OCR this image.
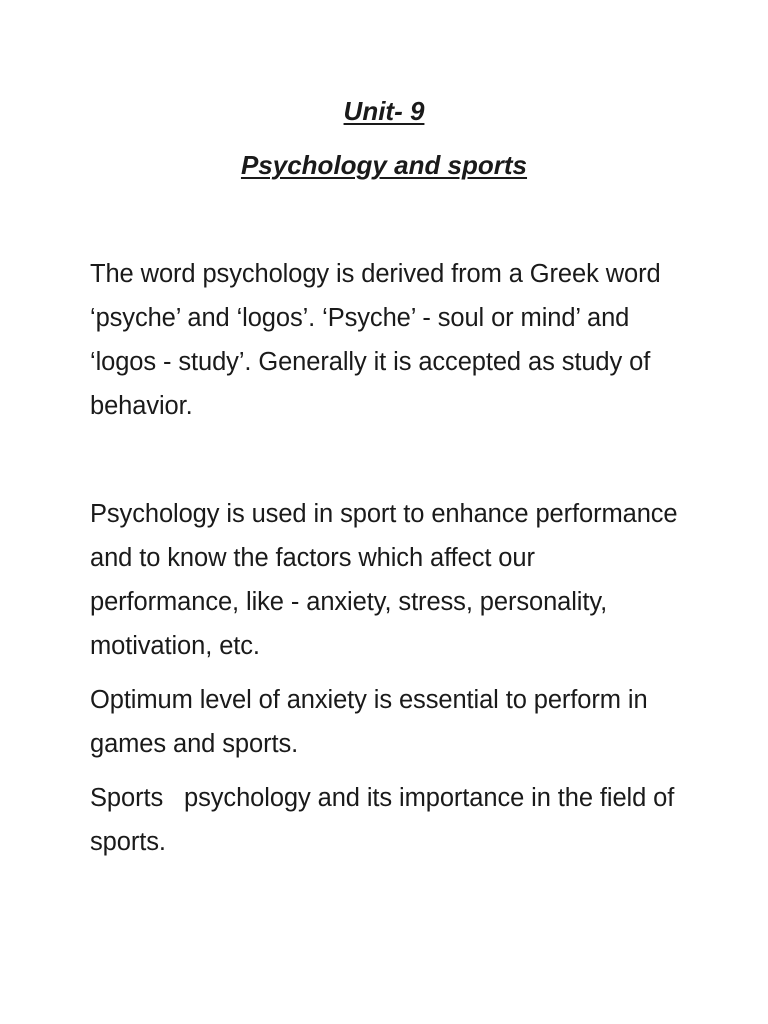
Unit- 9
Psychology and sports

The word psychology is derived from a Greek word ‘psyche’ and ‘logos’. ‘Psyche’ - soul or mind’ and ‘logos - study’. Generally it is accepted as study of behavior.

Psychology is used in sport to enhance performance and to know the factors which affect our performance, like - anxiety, stress, personality, motivation, etc.

Optimum level of anxiety is essential to perform in games and sports.

Sports   psychology and its importance in the field of sports.
